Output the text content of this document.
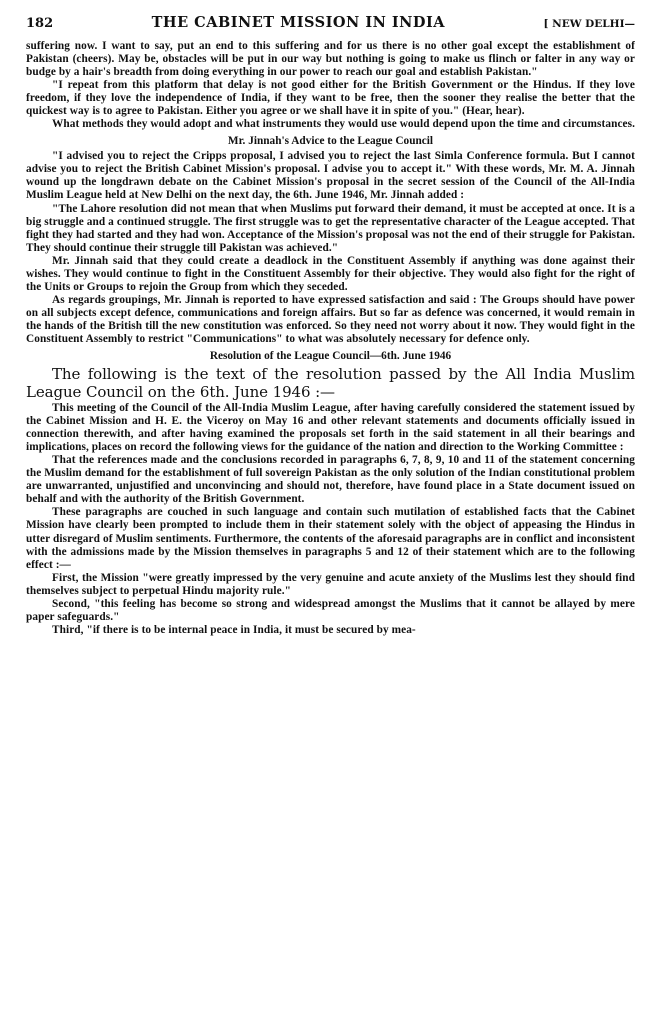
182	THE CABINET MISSION IN INDIA	[ NEW DELHI—

suffering now. I want to say, put an end to this suffering and for us there is no other goal except the establishment of Pakistan (cheers). May be, obstacles will be put in our way but nothing is going to make us flinch or falter in any way or budge by a hair's breadth from doing everything in our power to reach our goal and establish Pakistan."

"I repeat from this platform that delay is not good either for the British Government or the Hindus. If they love freedom, if they love the independence of India, if they want to be free, then the sooner they realise the better that the quickest way is to agree to Pakistan. Either you agree or we shall have it in spite of you." (Hear, hear).

What methods they would adopt and what instruments they would use would depend upon the time and circumstances.

Mr. Jinnah's Advice to the League Council

"I advised you to reject the Cripps proposal, I advised you to reject the last Simla Conference formula. But I cannot advise you to reject the British Cabinet Mission's proposal. I advise you to accept it." With these words, Mr. M. A. Jinnah wound up the longdrawn debate on the Cabinet Mission's proposal in the secret session of the Council of the All-India Muslim League held at New Delhi on the next day, the 6th. June 1946, Mr. Jinnah added :

"The Lahore resolution did not mean that when Muslims put forward their demand, it must be accepted at once. It is a big struggle and a continued struggle. The first struggle was to get the representative character of the League accepted. That fight they had started and they had won. Acceptance of the Mission's proposal was not the end of their struggle for Pakistan. They should continue their struggle till Pakistan was achieved."

Mr. Jinnah said that they could create a deadlock in the Constituent Assembly if anything was done against their wishes. They would continue to fight in the Constituent Assembly for their objective. They would also fight for the right of the Units or Groups to rejoin the Group from which they seceded.

As regards groupings, Mr. Jinnah is reported to have expressed satisfaction and said : The Groups should have power on all subjects except defence, communications and foreign affairs. But so far as defence was concerned, it would remain in the hands of the British till the new constitution was enforced. So they need not worry about it now. They would fight in the Constituent Assembly to restrict "Communications" to what was absolutely necessary for defence only.

Resolution of the League Council—6th. June 1946

The following is the text of the resolution passed by the All India Muslim League Council on the 6th. June 1946 :—

This meeting of the Council of the All-India Muslim League, after having carefully considered the statement issued by the Cabinet Mission and H. E. the Viceroy on May 16 and other relevant statements and documents officially issued in connection therewith, and after having examined the proposals set forth in the said statement in all their bearings and implications, places on record the following views for the guidance of the nation and direction to the Working Committee :

That the references made and the conclusions recorded in paragraphs 6, 7, 8, 9, 10 and 11 of the statement concerning the Muslim demand for the establishment of full sovereign Pakistan as the only solution of the Indian constitutional problem are unwarranted, unjustified and unconvincing and should not, therefore, have found place in a State document issued on behalf and with the authority of the British Government.

These paragraphs are couched in such language and contain such mutilation of established facts that the Cabinet Mission have clearly been prompted to include them in their statement solely with the object of appeasing the Hindus in utter disregard of Muslim sentiments. Furthermore, the contents of the aforesaid paragraphs are in conflict and inconsistent with the admissions made by the Mission themselves in paragraphs 5 and 12 of their statement which are to the following effect :—

First, the Mission "were greatly impressed by the very genuine and acute anxiety of the Muslims lest they should find themselves subject to perpetual Hindu majority rule."

Second, "this feeling has become so strong and widespread amongst the Muslims that it cannot be allayed by mere paper safeguards."

Third, "if there is to be internal peace in India, it must be secured by mea-
